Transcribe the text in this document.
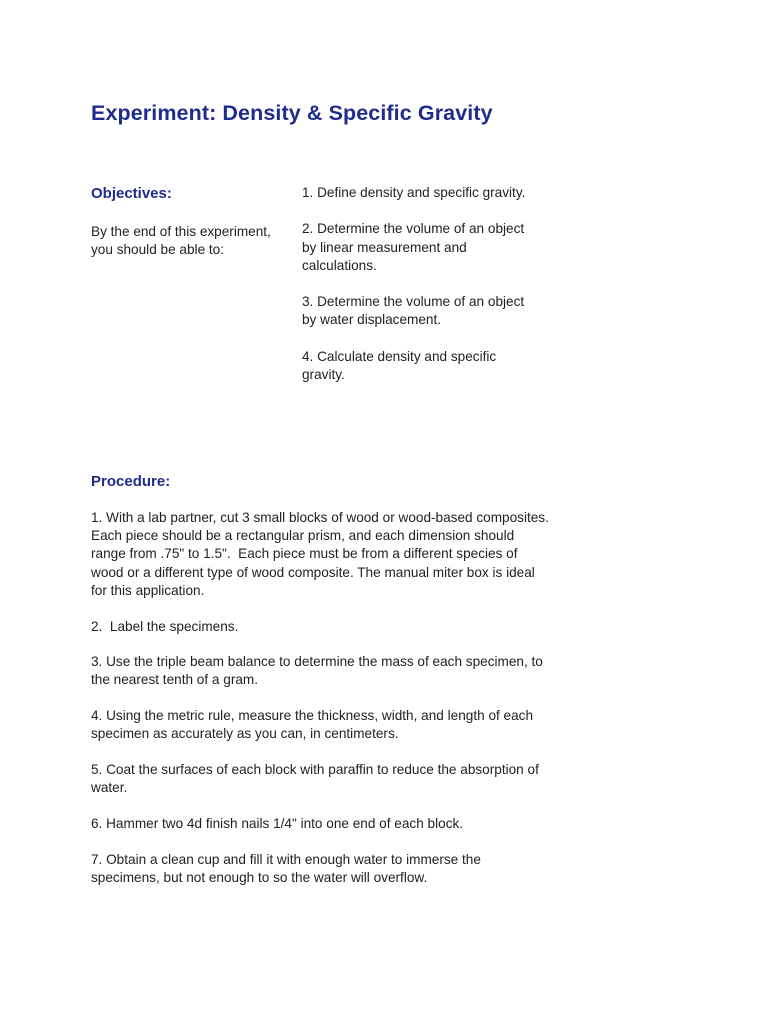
Experiment: Density & Specific Gravity
Objectives:

By the end of this experiment, you should be able to:

1. Define density and specific gravity.
2. Determine the volume of an object by linear measurement and calculations.
3. Determine the volume of an object by water displacement.
4. Calculate density and specific gravity.
Procedure:
1. With a lab partner, cut 3 small blocks of wood or wood-based composites.  Each piece should be a rectangular prism, and each dimension should range from .75" to 1.5".  Each piece must be from a different species of wood or a different type of wood composite. The manual miter box is ideal for this application.
2.  Label the specimens.
3. Use the triple beam balance to determine the mass of each specimen, to the nearest tenth of a gram.
4. Using the metric rule, measure the thickness, width, and length of each specimen as accurately as you can, in centimeters.
5. Coat the surfaces of each block with paraffin to reduce the absorption of water.
6. Hammer two 4d finish nails 1/4" into one end of each block.
7. Obtain a clean cup and fill it with enough water to immerse the specimens, but not enough to so the water will overflow.
